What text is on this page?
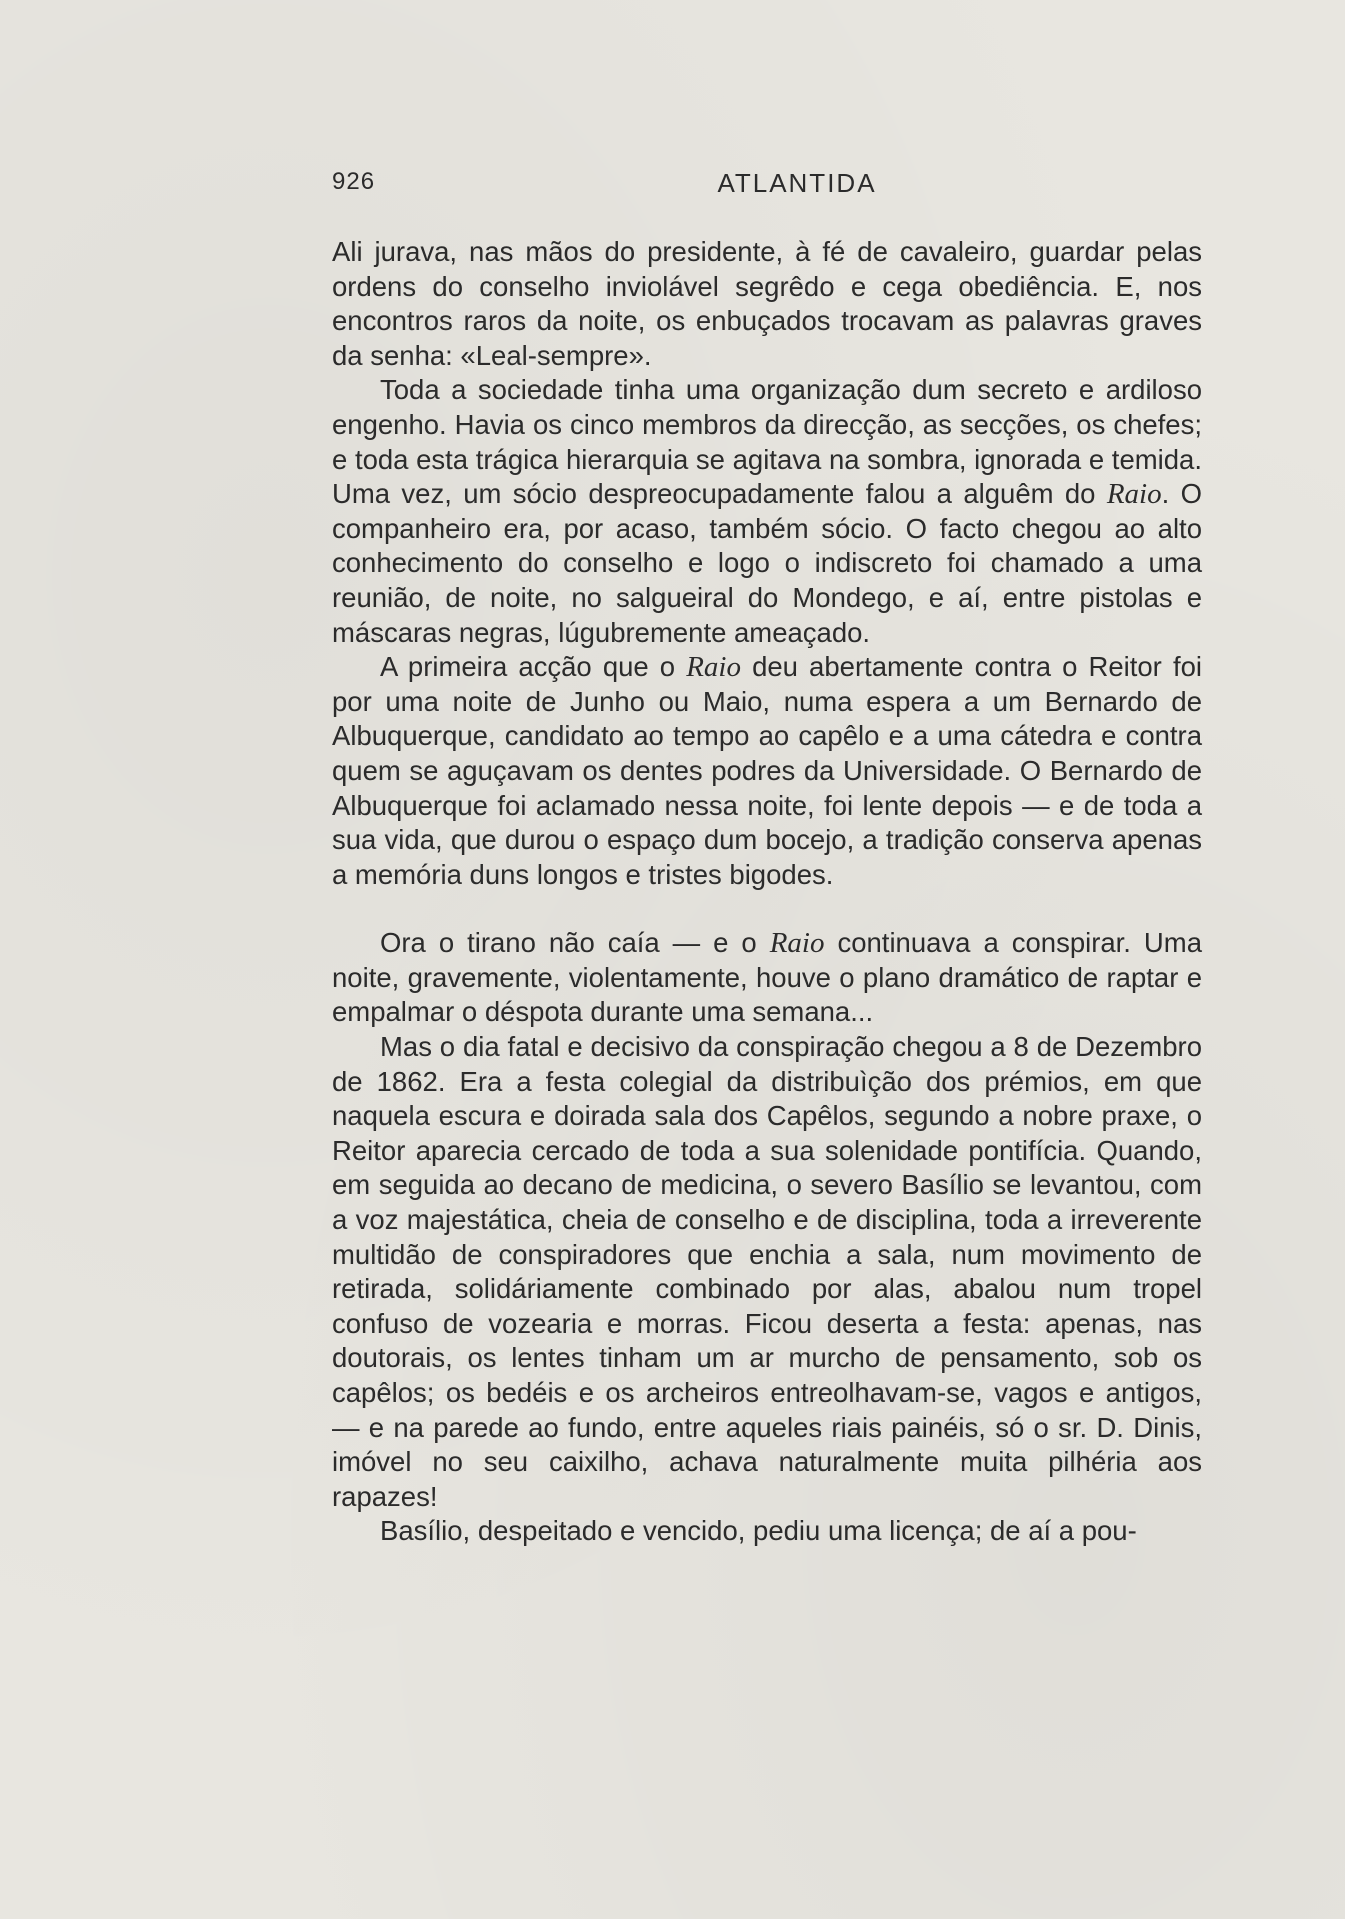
926	ATLANTIDA

Ali jurava, nas mãos do presidente, à fé de cavaleiro, guardar pelas ordens do conselho inviolável segrêdo e cega obediência. E, nos encontros raros da noite, os enbuçados trocavam as palavras graves da senha: «Leal-sempre».

Toda a sociedade tinha uma organização dum secreto e ardiloso engenho. Havia os cinco membros da direcção, as secções, os chefes; e toda esta trágica hierarquia se agitava na sombra, ignorada e temida. Uma vez, um sócio despreocupadamente falou a alguêm do Raio. O companheiro era, por acaso, também sócio. O facto chegou ao alto conhecimento do conselho e logo o indiscreto foi chamado a uma reunião, de noite, no salgueiral do Mondego, e aí, entre pistolas e máscaras negras, lúgubremente ameaçado.

A primeira acção que o Raio deu abertamente contra o Reitor foi por uma noite de Junho ou Maio, numa espera a um Bernardo de Albuquerque, candidato ao tempo ao capêlo e a uma cátedra e contra quem se aguçavam os dentes podres da Universidade. O Bernardo de Albuquerque foi aclamado nessa noite, foi lente depois — e de toda a sua vida, que durou o espaço dum bocejo, a tradição conserva apenas a memória duns longos e tristes bigodes.

Ora o tirano não caía — e o Raio continuava a conspirar. Uma noite, gravemente, violentamente, houve o plano dramático de raptar e empalmar o déspota durante uma semana...

Mas o dia fatal e decisivo da conspiração chegou a 8 de Dezembro de 1862. Era a festa colegial da distribuìção dos prémios, em que naquela escura e doirada sala dos Capêlos, segundo a nobre praxe, o Reitor aparecia cercado de toda a sua solenidade pontifícia. Quando, em seguida ao decano de medicina, o severo Basílio se levantou, com a voz majestática, cheia de conselho e de disciplina, toda a irreverente multidão de conspiradores que enchia a sala, num movimento de retirada, solidáriamente combinado por alas, abalou num tropel confuso de vozearia e morras. Ficou deserta a festa: apenas, nas doutorais, os lentes tinham um ar murcho de pensamento, sob os capêlos; os bedéis e os archeiros entreolhavam-se, vagos e antigos, — e na parede ao fundo, entre aqueles riais painéis, só o sr. D. Dinis, imóvel no seu caixilho, achava naturalmente muita pilhéria aos rapazes!

Basílio, despeitado e vencido, pediu uma licença; de aí a pou-
